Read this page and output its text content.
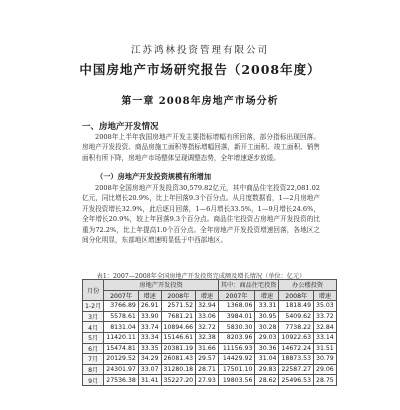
江苏鸿林投资管理有限公司
中国房地产市场研究报告（2008年度）
第一章 2008年房地产市场分析
一、房地产开发情况
2008年上半年我国房地产开发主要指标增幅有所回落，部分指标出现回落。房地产开发投资、商品房施工面积等指标增幅回落，新开工面积、竣工面积、销售面积有所下降，房地产市场整体呈现调整态势，全年增速逐步放缓。
（一）房地产开发投资规模有所增加
2008年全国房地产开发投资30,579.82亿元，其中商品住宅投资22,081.02亿元，同比增长20.9%，比上年回落9.3个百分点。从月度数据看，1—2月房地产开发投资增长32.9%，此后逐月回落，1—6月增长33.5%，1—9月增长24.6%，全年增长20.9%，较上年回落9.3个百分点。商品住宅投资占房地产开发投资的比重为72.2%，比上年提高1.0个百分点。全年房地产开发投资增速回落，各地区之间分化明显，东部地区增速明显低于中西部地区。
表1：2007—2008年全国房地产开发投资完成额及增长情况（单位：亿元）
月份	房地产开发投资				其中：商品住宅投资		办公楼投资	
	2007年	增速	2008年	增速	2007年	增速	2008年	增速
1-2月	3766.89	26.91	2571.52	32.94	1368.06	33.31	1818.49	35.03
3月	5578.61	33.90	7681.21	33.06	3984.01	30.95	5409.62	33.72
4月	8131.04	33.74	10894.66	32.72	5830.30	30.28	7738.22	32.84
5月	11420.11	33.34	15146.61	32.38	8203.96	29.03	10922.63	33.14
6月	15474.81	33.35	20381.19	31.66	11156.93	30.36	14672.24	31.51
7月	20129.52	34.29	26081.43	29.57	14429.92	31.04	18873.53	30.79
8月	24301.97	33.07	31280.18	28.71	17501.10	29.83	22587.27	29.06
9月	27536.38	31.41	35227.20	27.93	19803.56	28.62	25496.53	28.75
